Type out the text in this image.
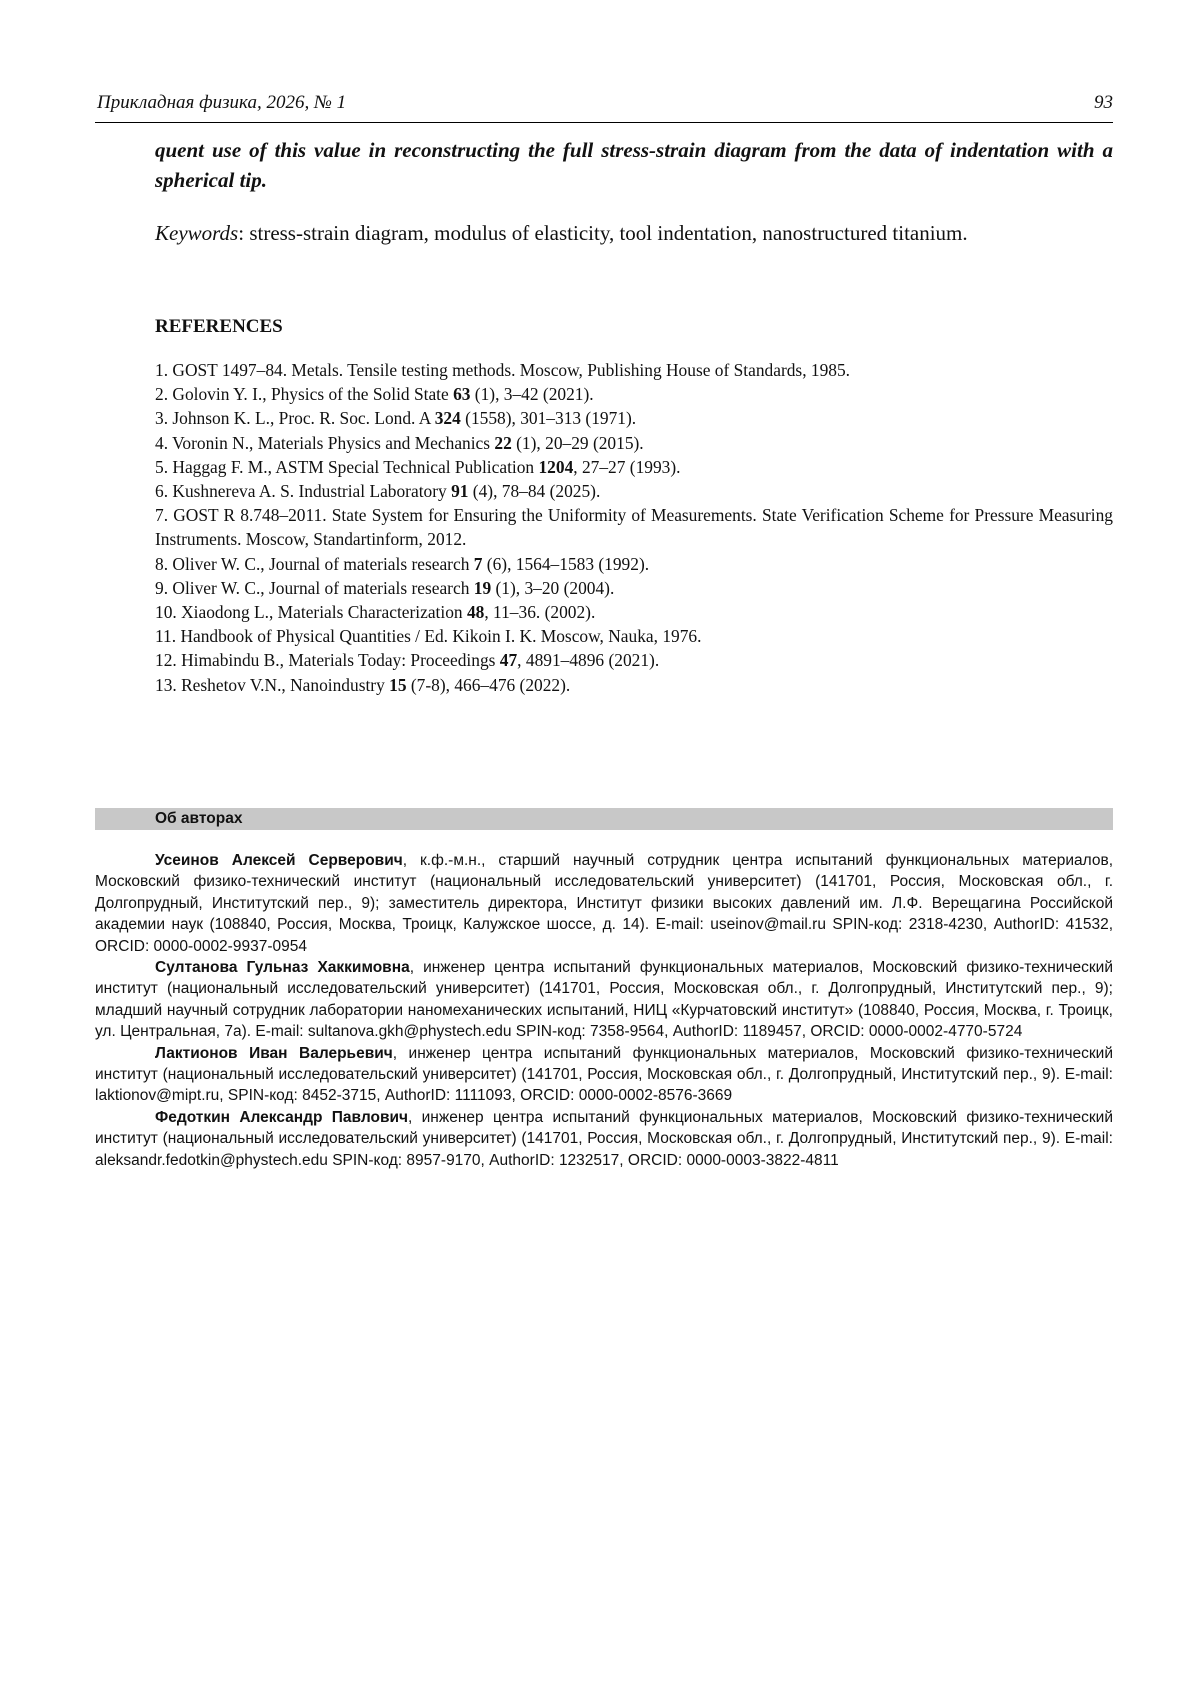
Прикладная физика, 2026, № 1	93
quent use of this value in reconstructing the full stress-strain diagram from the data of indentation with a spherical tip.
Keywords: stress-strain diagram, modulus of elasticity, tool indentation, nanostructured titanium.
REFERENCES

1. GOST 1497–84. Metals. Tensile testing methods. Moscow, Publishing House of Standards, 1985.

2. Golovin Y. I., Physics of the Solid State 63 (1), 3–42 (2021).

3. Johnson K. L., Proc. R. Soc. Lond. A 324 (1558), 301–313 (1971).

4. Voronin N., Materials Physics and Mechanics 22 (1), 20–29 (2015).

5. Haggag F. M., ASTM Special Technical Publication 1204, 27–27 (1993).

6. Kushnereva A. S. Industrial Laboratory 91 (4), 78–84 (2025).

7. GOST R 8.748–2011. State System for Ensuring the Uniformity of Measurements. State Verification Scheme for Pressure Measuring Instruments. Moscow, Standartinform, 2012.

8. Oliver W. C., Journal of materials research 7 (6), 1564–1583 (1992).

9. Oliver W. C., Journal of materials research 19 (1), 3–20 (2004).

10. Xiaodong L., Materials Characterization 48, 11–36. (2002).

11. Handbook of Physical Quantities / Ed. Kikoin I. K. Moscow, Nauka, 1976.

12. Himabindu B., Materials Today: Proceedings 47, 4891–4896 (2021).

13. Reshetov V.N., Nanoindustry 15 (7-8), 466–476 (2022).

Об авторах

Усеинов Алексей Серверович, к.ф.-м.н., старший научный сотрудник центра испытаний функциональных материалов, Московский физико-технический институт (национальный исследовательский университет) (141701, Россия, Московская обл., г. Долгопрудный, Институтский пер., 9); заместитель директора, Институт физики высоких давлений им. Л.Ф. Верещагина Российской академии наук (108840, Россия, Москва, Троицк, Калужское шоссе, д. 14). E-mail: useinov@mail.ru SPIN-код: 2318-4230, AuthorID: 41532, ORCID: 0000-0002-9937-0954

Султанова Гульназ Хаккимовна, инженер центра испытаний функциональных материалов, Московский физико-технический институт (национальный исследовательский университет) (141701, Россия, Московская обл., г. Долгопрудный, Институтский пер., 9); младший научный сотрудник лаборатории наномеханических испытаний, НИЦ «Курчатовский институт» (108840, Россия, Москва, г. Троицк, ул. Центральная, 7а). E-mail: sultanova.gkh@phystech.edu SPIN-код: 7358-9564, AuthorID: 1189457, ORCID: 0000-0002-4770-5724

Лактионов Иван Валерьевич, инженер центра испытаний функциональных материалов, Московский физико-технический институт (национальный исследовательский университет) (141701, Россия, Московская обл., г. Долгопрудный, Институтский пер., 9). E-mail: laktionov@mipt.ru, SPIN-код: 8452-3715, AuthorID: 1111093, ORCID: 0000-0002-8576-3669

Федоткин Александр Павлович, инженер центра испытаний функциональных материалов, Московский физико-технический институт (национальный исследовательский университет) (141701, Россия, Московская обл., г. Долгопрудный, Институтский пер., 9). E-mail: aleksandr.fedotkin@phystech.edu SPIN-код: 8957-9170, AuthorID: 1232517, ORCID: 0000-0003-3822-4811
